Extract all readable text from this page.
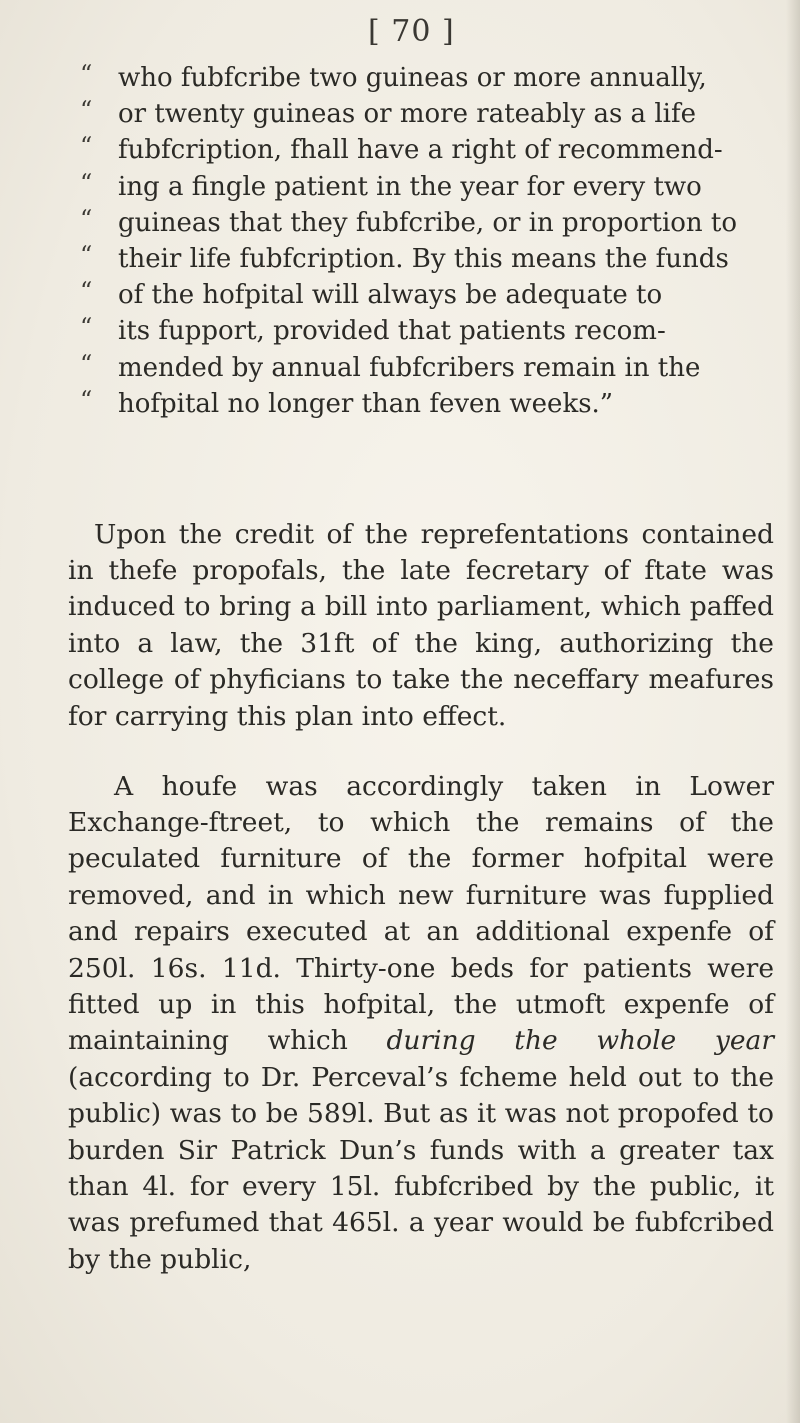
[ 70 ]
“ who fubfcribe two guineas or more annually,
“ or twenty guineas or more rateably as a life
“ fubfcription, fhall have a right of recommend-
“ ing a fingle patient in the year for every two
“ guineas that they fubfcribe, or in proportion to
“ their life fubfcription. By this means the funds
“ of the hofpital will always be adequate to
“ its fupport, provided that patients recom-
“ mended by annual fubfcribers remain in the
“ hofpital no longer than feven weeks.”

Upon the credit of the reprefentations contained in thefe propofals, the late fecretary of ftate was induced to bring a bill into parliament, which paffed into a law, the 31ft of the king, authorizing the college of phyficians to take the neceffary meafures for carrying this plan into effect.

A houfe was accordingly taken in Lower Exchange-ftreet, to which the remains of the peculated furniture of the former hofpital were removed, and in which new furniture was fupplied and repairs executed at an additional expenfe of 250l. 16s. 11d. Thirty-one beds for patients were fitted up in this hofpital, the utmoft expenfe of maintaining which during the whole year (according to Dr. Perceval’s fcheme held out to the public) was to be 589l. But as it was not propofed to burden Sir Patrick Dun’s funds with a greater tax than 4l. for every 15l. fubfcribed by the public, it was prefumed that 465l. a year would be fubfcribed by the public,
